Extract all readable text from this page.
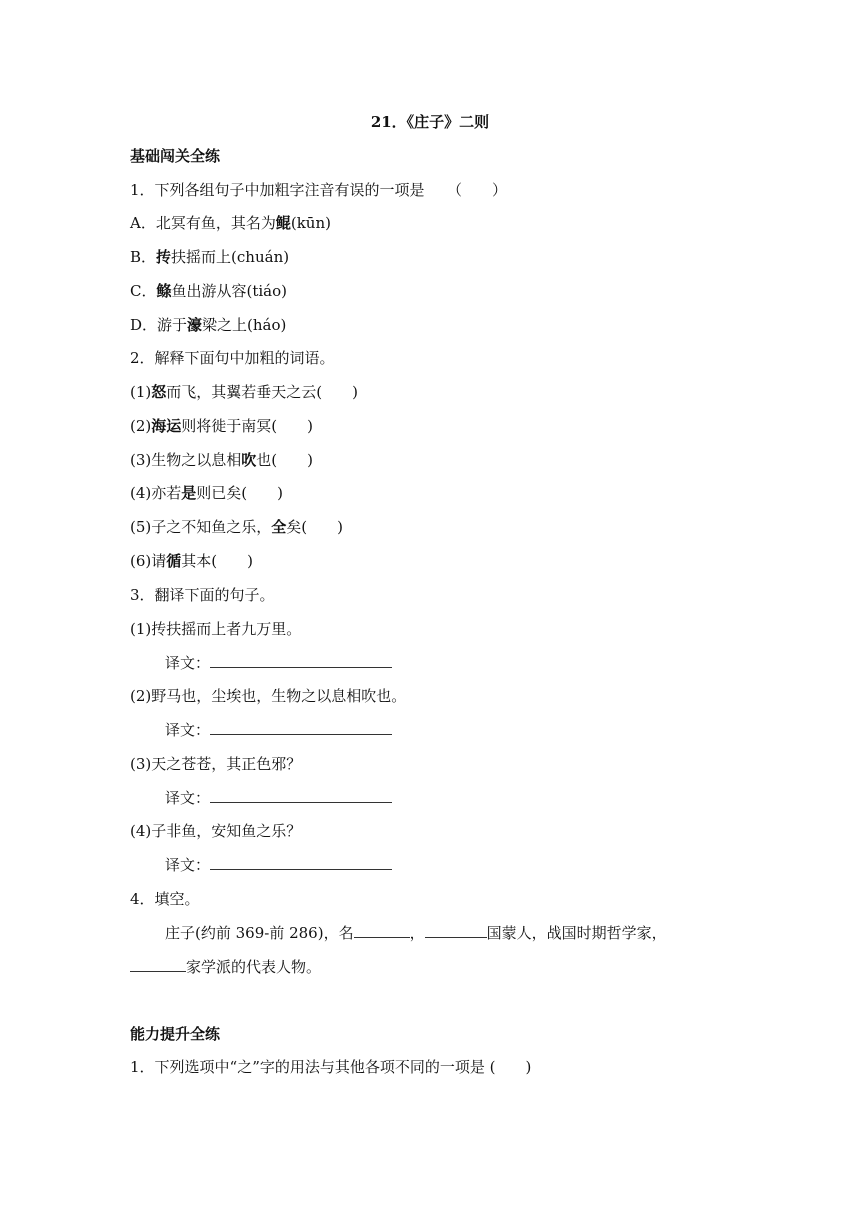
21．《庄子》二则
基础闯关全练
1．下列各组句子中加粗字注音有误的一项是　　（　　）
A．北冥有鱼，其名为鲲(kūn)
B．抟扶摇而上(chuán)
C．鲦鱼出游从容(tiáo)
D．游于濠梁之上(háo)
2．解释下面句中加粗的词语。
(1)怒而飞，其翼若垂天之云(　　)
(2)海运则将徙于南冥(　　)
(3)生物之以息相吹也(　　)
(4)亦若是则已矣(　　)
(5)子之不知鱼之乐，全矣(　　)
(6)请循其本(　　)
3．翻译下面的句子。
(1)抟扶摇而上者九万里。
译文：
(2)野马也，尘埃也，生物之以息相吹也。
译文：
(3)天之苍苍，其正色邪？
译文：
(4)子非鱼，安知鱼之乐？
译文：
4．填空。
庄子(约前 369-前 286)，名	，	国蒙人，战国时期哲学家，
家学派的代表人物。
能力提升全练
1．下列选项中“之”字的用法与其他各项不同的一项是 (　　)
